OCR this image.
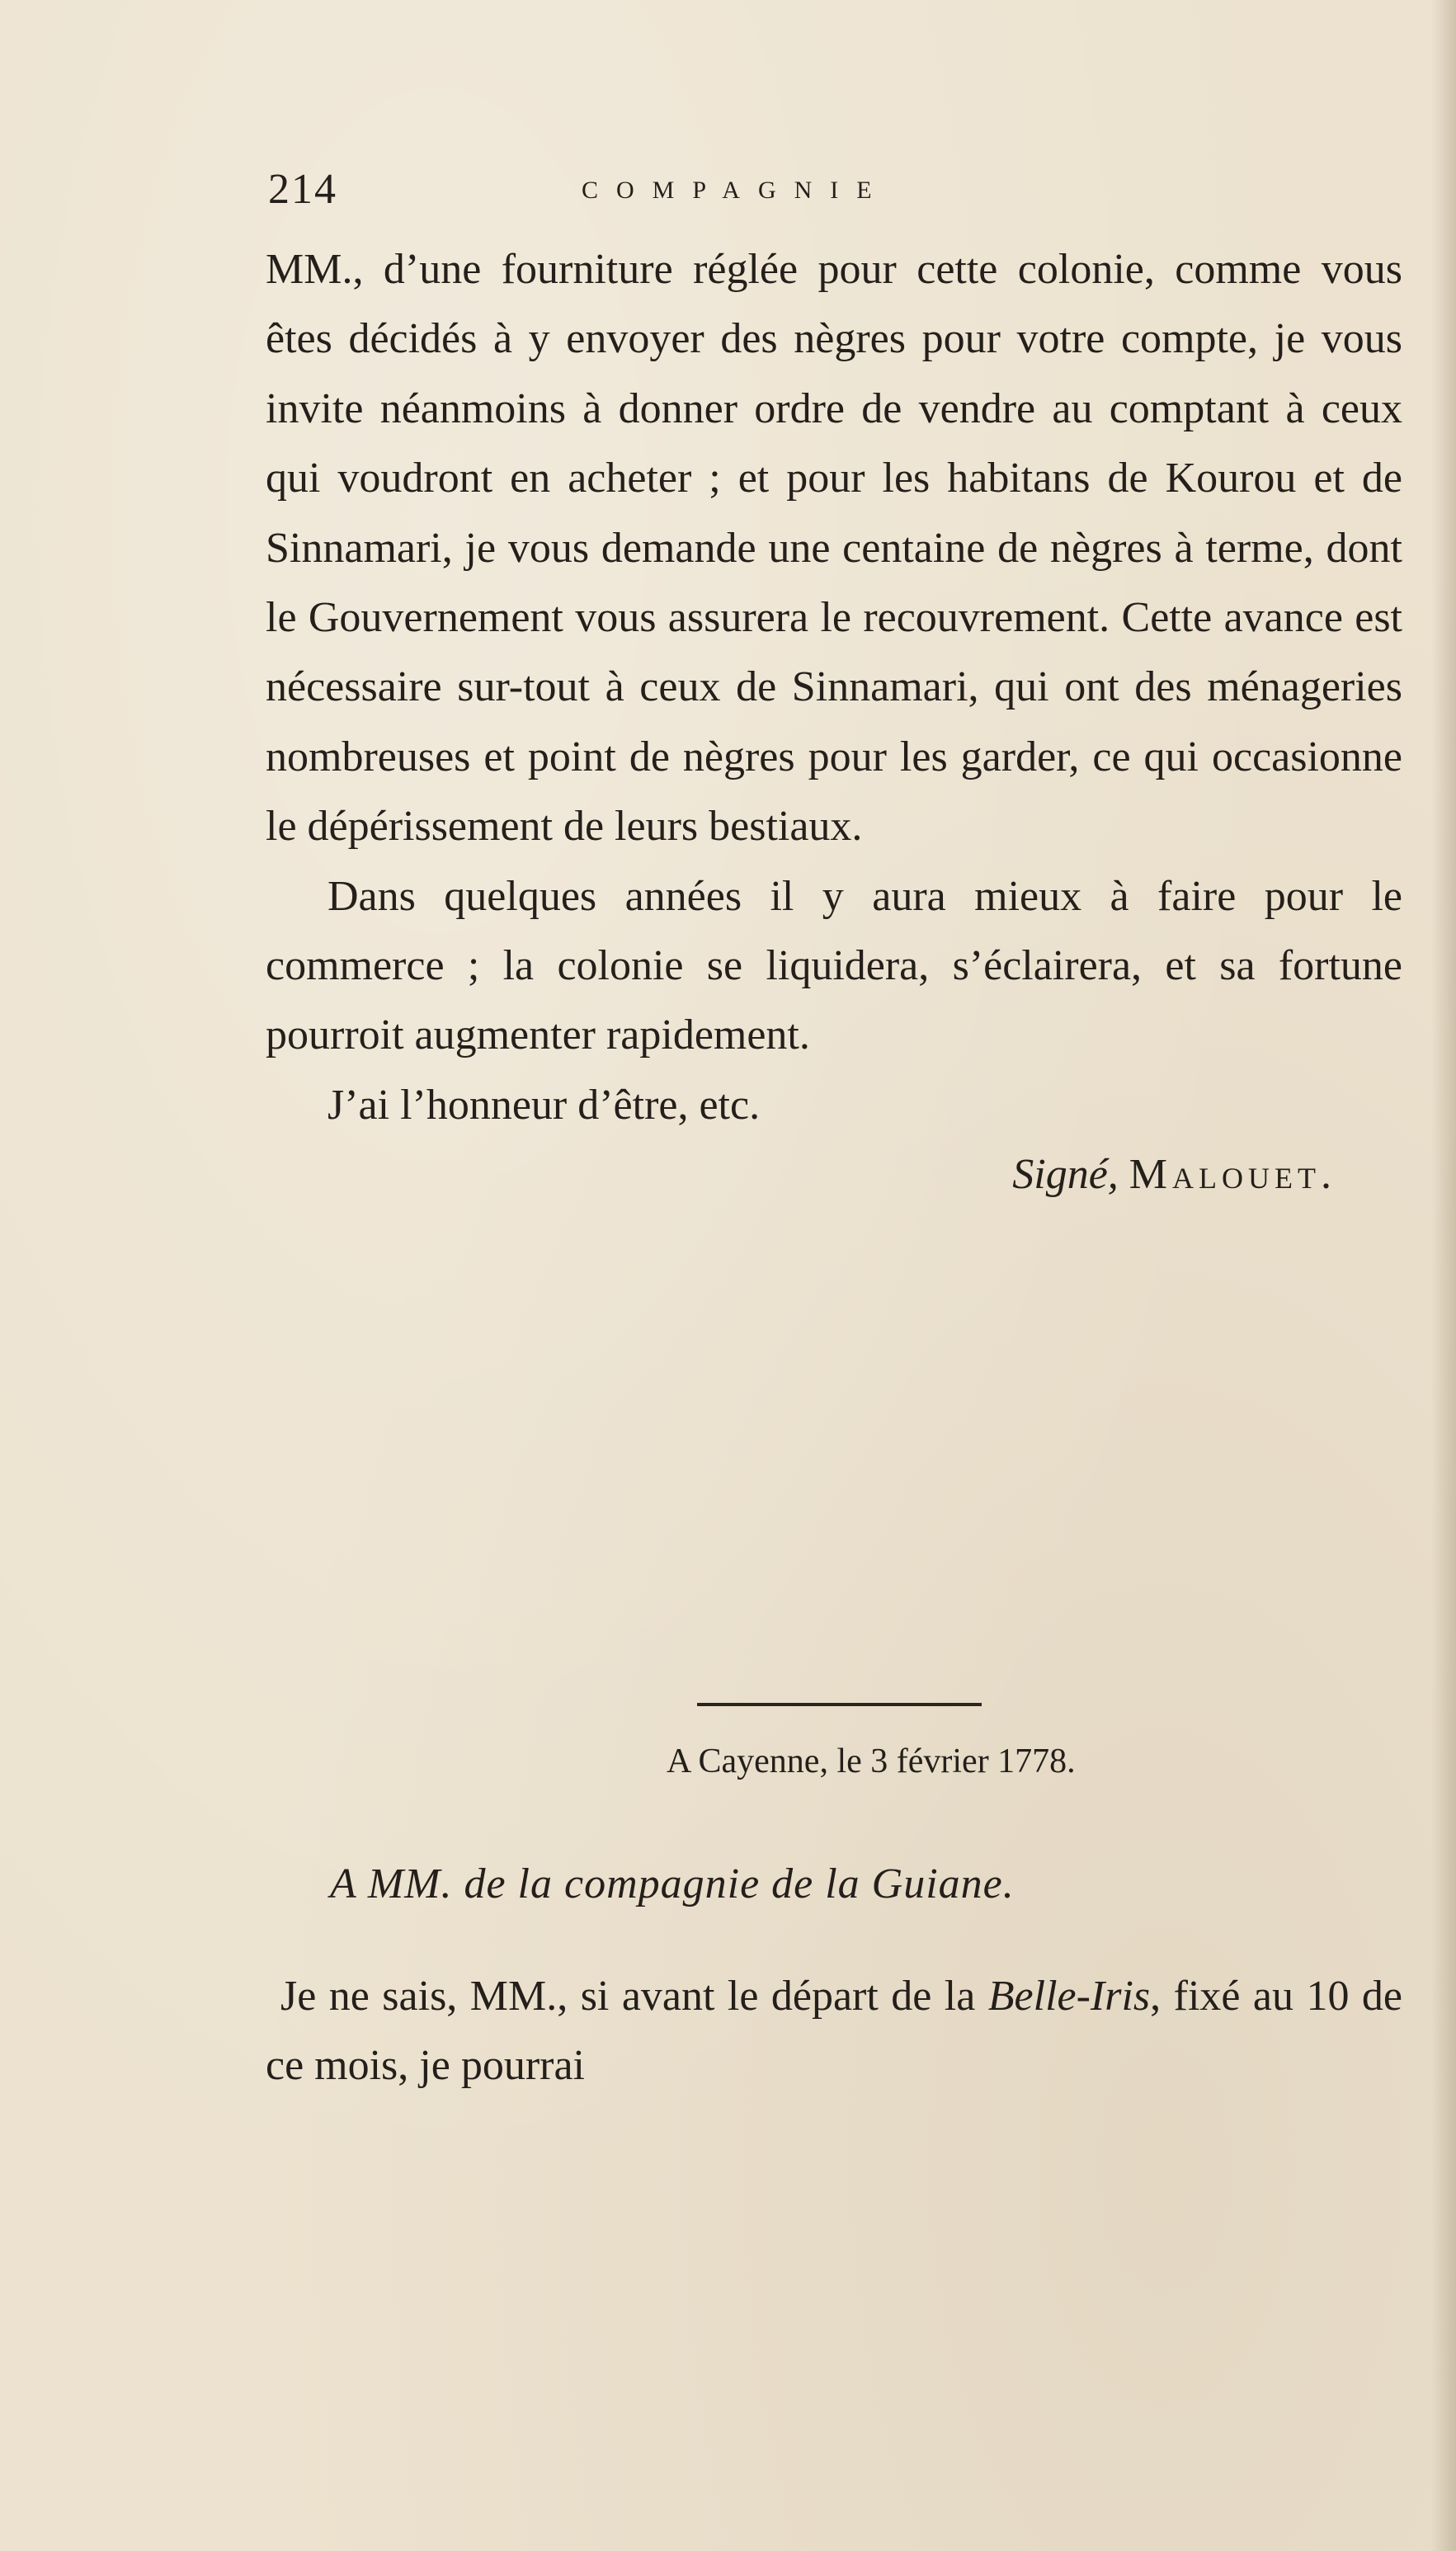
214	COMPAGNIE

MM., d’une fourniture réglée pour cette colonie, comme vous êtes décidés à y envoyer des nègres pour votre compte, je vous invite néanmoins à donner ordre de vendre au comptant à ceux qui voudront en acheter ; et pour les habitans de Kourou et de Sinnamari, je vous demande une centaine de nègres à terme, dont le Gouvernement vous assurera le recouvrement. Cette avance est nécessaire sur-tout à ceux de Sinnamari, qui ont des ménageries nombreuses et point de nègres pour les garder, ce qui occasionne le dépérissement de leurs bestiaux.

Dans quelques années il y aura mieux à faire pour le commerce ; la colonie se liquidera, s’éclairera, et sa fortune pourroit augmenter rapidement.

J’ai l’honneur d’être, etc.

Signé, Malouet.

A Cayenne, le 3 février 1778.
A MM. de la compagnie de la Guiane.
Je ne sais, MM., si avant le départ de la Belle-Iris, fixé au 10 de ce mois, je pourrai
